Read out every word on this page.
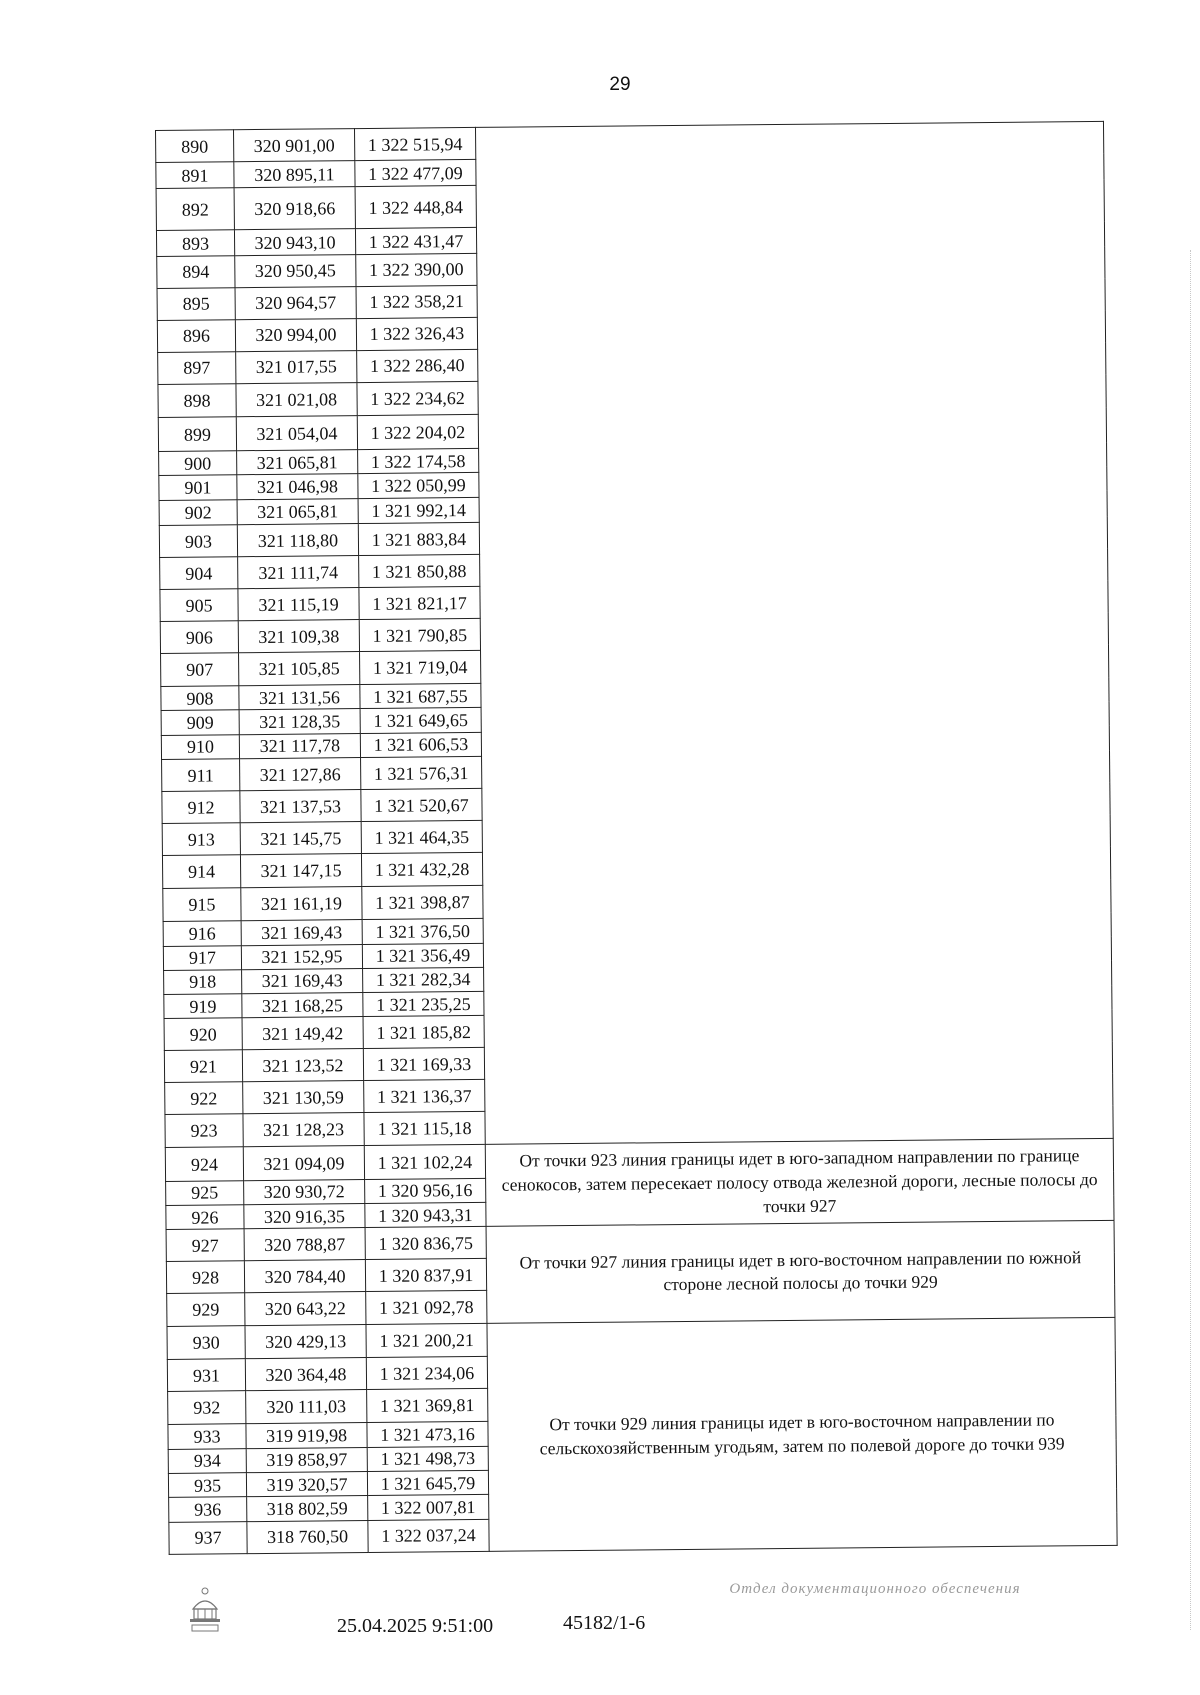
29
890	320 901,00	1 322 515,94	
891	320 895,11	1 322 477,09	
892	320 918,66	1 322 448,84	
893	320 943,10	1 322 431,47	
894	320 950,45	1 322 390,00	
895	320 964,57	1 322 358,21	
896	320 994,00	1 322 326,43	
897	321 017,55	1 322 286,40	
898	321 021,08	1 322 234,62	
899	321 054,04	1 322 204,02	
900	321 065,81	1 322 174,58	
901	321 046,98	1 322 050,99	
902	321 065,81	1 321 992,14	
903	321 118,80	1 321 883,84	
904	321 111,74	1 321 850,88	
905	321 115,19	1 321 821,17	
906	321 109,38	1 321 790,85	
907	321 105,85	1 321 719,04	
908	321 131,56	1 321 687,55	
909	321 128,35	1 321 649,65	
910	321 117,78	1 321 606,53	
911	321 127,86	1 321 576,31	
912	321 137,53	1 321 520,67	
913	321 145,75	1 321 464,35	
914	321 147,15	1 321 432,28	
915	321 161,19	1 321 398,87	
916	321 169,43	1 321 376,50	
917	321 152,95	1 321 356,49	
918	321 169,43	1 321 282,34	
919	321 168,25	1 321 235,25	
920	321 149,42	1 321 185,82	
921	321 123,52	1 321 169,33	
922	321 130,59	1 321 136,37	
923	321 128,23	1 321 115,18	
924	321 094,09	1 321 102,24	От точки 923 линия границы идет в юго-западном направлении по границе сенокосов, затем пересекает полосу отвода железной дороги, лесные полосы до точки 927
925	320 930,72	1 320 956,16	
926	320 916,35	1 320 943,31	
927	320 788,87	1 320 836,75	От точки 927 линия границы идет в юго-восточном направлении по южной стороне лесной полосы до точки 929
928	320 784,40	1 320 837,91	
929	320 643,22	1 321 092,78	
930	320 429,13	1 321 200,21	От точки 929 линия границы идет в юго-восточном направлении по сельскохозяйственным угодьям, затем по полевой дороге до точки 939
931	320 364,48	1 321 234,06	
932	320 111,03	1 321 369,81	
933	319 919,98	1 321 473,16	
934	319 858,97	1 321 498,73	
935	319 320,57	1 321 645,79	
936	318 802,59	1 322 007,81	
937	318 760,50	1 322 037,24	
25.04.2025 9:51:00	45182/1-6
Отдел документационного обеспечения
